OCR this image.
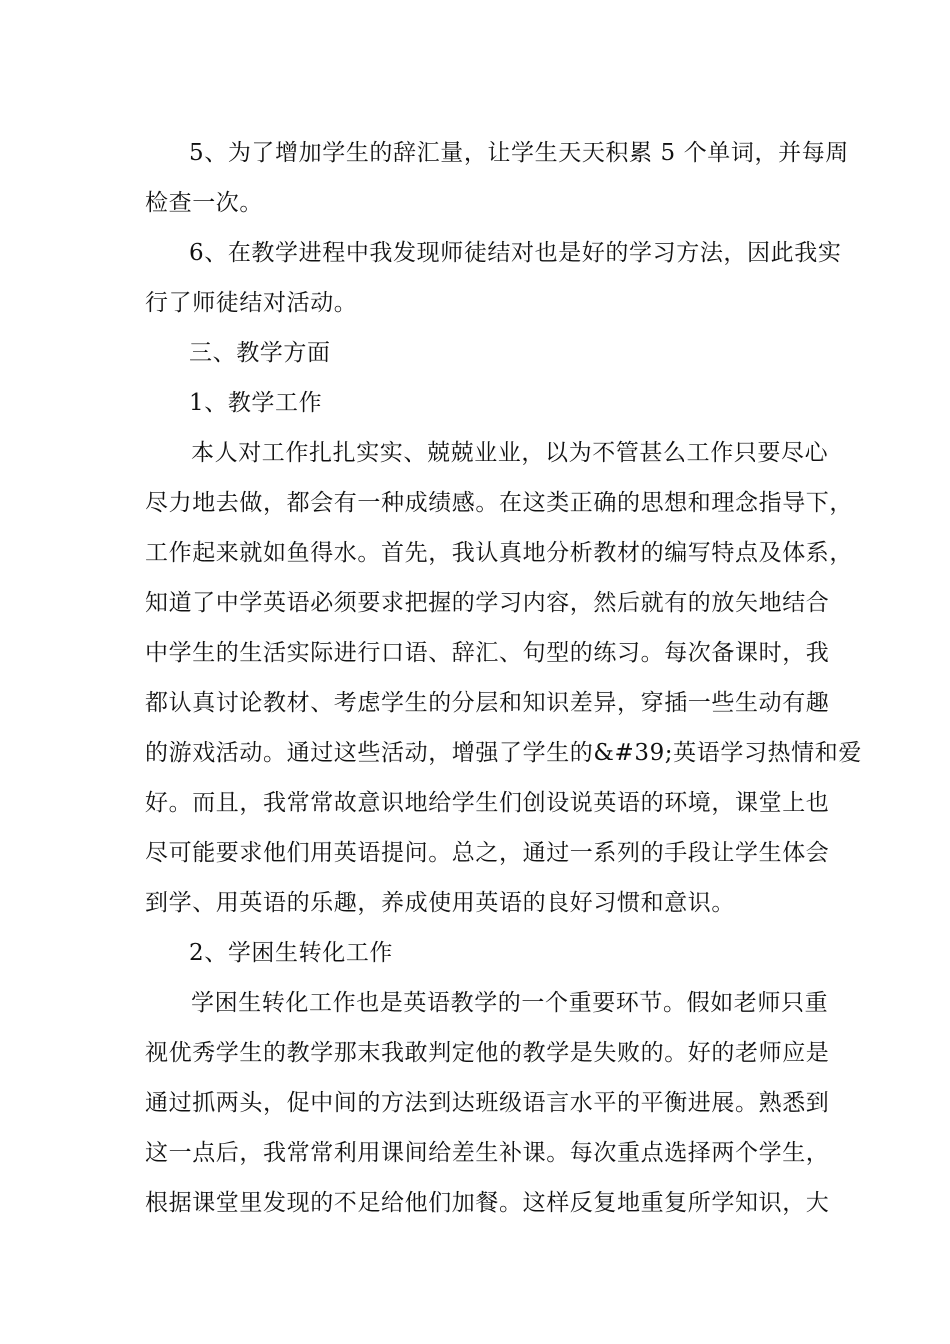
5、为了增加学生的辞汇量，让学生天天积累 5 个单词，并每周
检查一次。

6、在教学进程中我发现师徒结对也是好的学习方法，因此我实
行了师徒结对活动。

三、教学方面

1、教学工作

本人对工作扎扎实实、兢兢业业，以为不管甚么工作只要尽心
尽力地去做，都会有一种成绩感。在这类正确的思想和理念指导下，
工作起来就如鱼得水。首先，我认真地分析教材的编写特点及体系，
知道了中学英语必须要求把握的学习内容，然后就有的放矢地结合
中学生的生活实际进行口语、辞汇、句型的练习。每次备课时，我
都认真讨论教材、考虑学生的分层和知识差异，穿插一些生动有趣
的游戏活动。通过这些活动，增强了学生的&#39;英语学习热情和爱
好。而且，我常常故意识地给学生们创设说英语的环境，课堂上也
尽可能要求他们用英语提问。总之，通过一系列的手段让学生体会
到学、用英语的乐趣，养成使用英语的良好习惯和意识。

2、学困生转化工作

学困生转化工作也是英语教学的一个重要环节。假如老师只重
视优秀学生的教学那末我敢判定他的教学是失败的。好的老师应是
通过抓两头，促中间的方法到达班级语言水平的平衡进展。熟悉到
这一点后，我常常利用课间给差生补课。每次重点选择两个学生，
根据课堂里发现的不足给他们加餐。这样反复地重复所学知识，大
